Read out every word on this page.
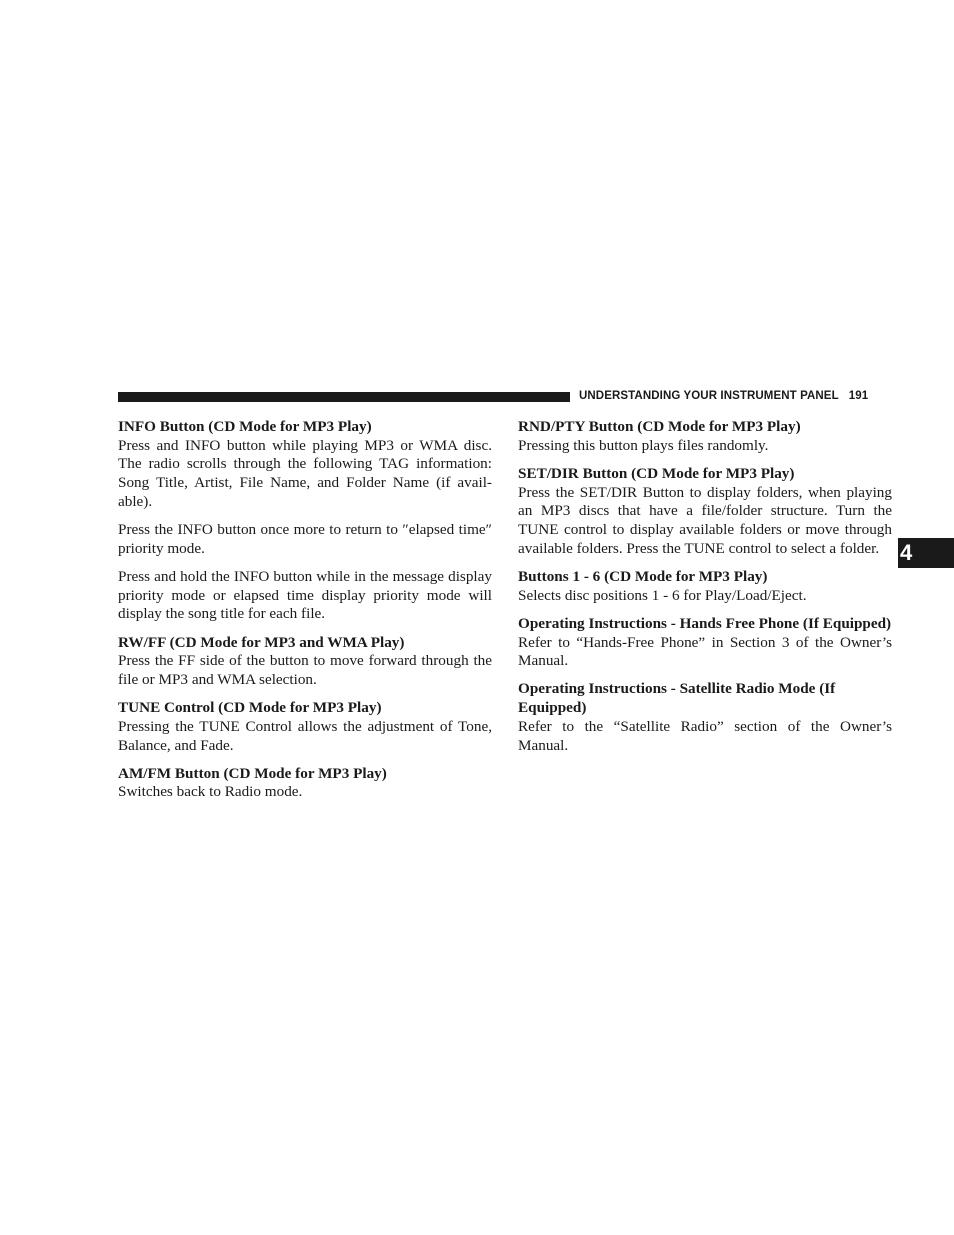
UNDERSTANDING YOUR INSTRUMENT PANEL 191
INFO Button (CD Mode for MP3 Play)

Press and INFO button while playing MP3 or WMA disc. The radio scrolls through the following TAG information: Song Title, Artist, File Name, and Folder Name (if avail-able).

Press the INFO button once more to return to ″elapsed time″ priority mode.

Press and hold the INFO button while in the message display priority mode or elapsed time display priority mode will display the song title for each file.

RW/FF (CD Mode for MP3 and WMA Play)

Press the FF side of the button to move forward through the file or MP3 and WMA selection.

TUNE Control (CD Mode for MP3 Play)

Pressing the TUNE Control allows the adjustment of Tone, Balance, and Fade.

AM/FM Button (CD Mode for MP3 Play)

Switches back to Radio mode.

RND/PTY Button (CD Mode for MP3 Play)

Pressing this button plays files randomly.

SET/DIR Button (CD Mode for MP3 Play)

Press the SET/DIR Button to display folders, when playing an MP3 discs that have a file/folder structure. Turn the TUNE control to display available folders or move through available folders. Press the TUNE control to select a folder.

Buttons 1 - 6 (CD Mode for MP3 Play)

Selects disc positions 1 - 6 for Play/Load/Eject.

Operating Instructions - Hands Free Phone (If Equipped)

Refer to “Hands-Free Phone” in Section 3 of the Owner’s Manual.

Operating Instructions - Satellite Radio Mode (If Equipped)

Refer to the “Satellite Radio” section of the Owner’s Manual.

4
